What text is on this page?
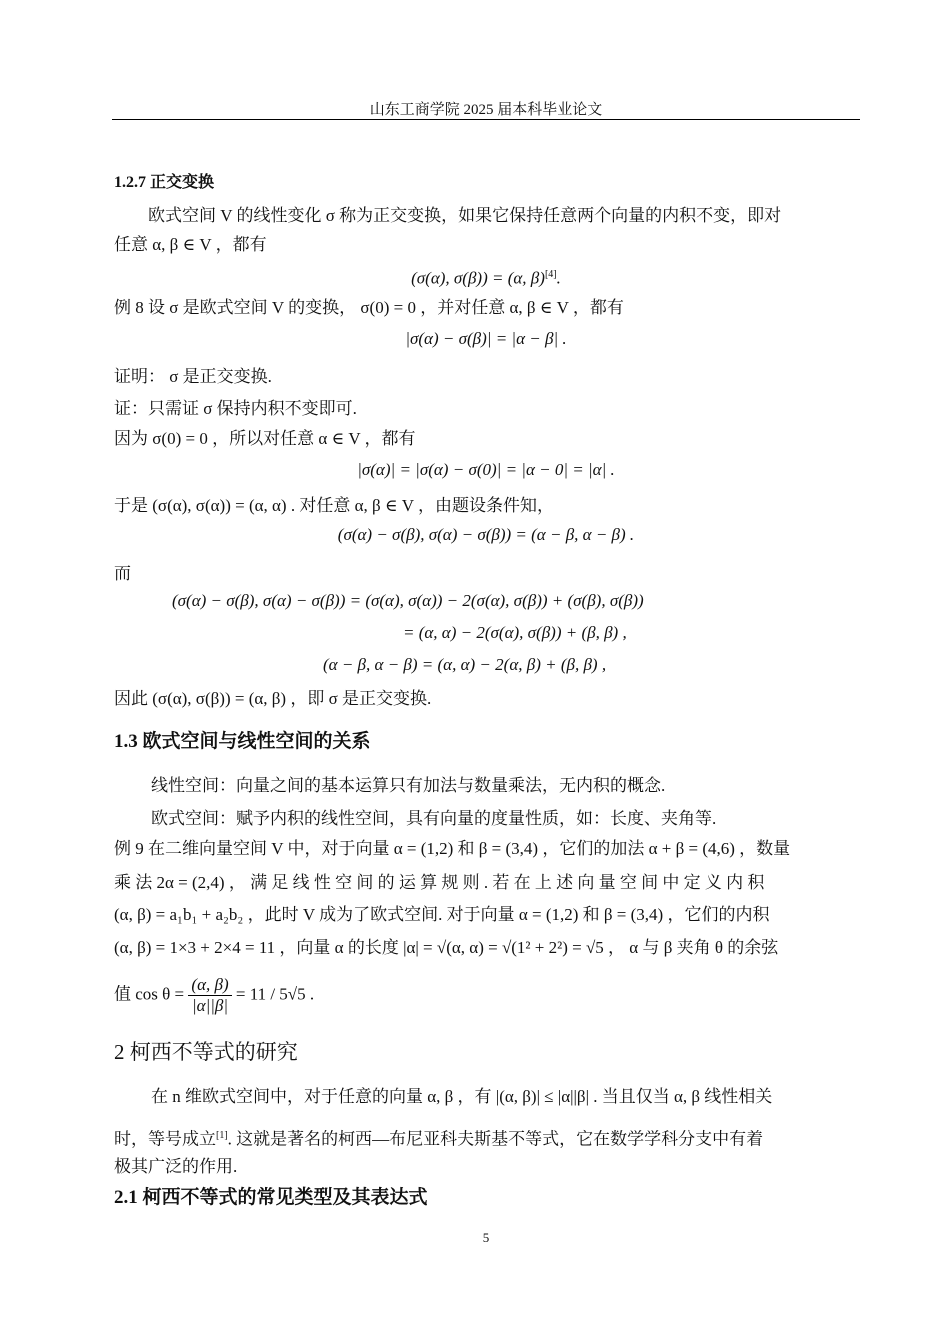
山东工商学院 2025 届本科毕业论文
1.2.7 正交变换
欧式空间 V 的线性变化 σ 称为正交变换，如果它保持任意两个向量的内积不变，即对
任意 α, β ∈ V ，都有
(σ(α), σ(β)) = (α, β)[4].
例 8 设 σ 是欧式空间 V 的变换， σ(0) = 0 ，并对任意 α, β ∈ V ，都有
|σ(α) − σ(β)| = |α − β| .
证明： σ 是正交变换.
证：只需证 σ 保持内积不变即可.
因为 σ(0) = 0 ，所以对任意 α ∈ V ，都有
|σ(α)| = |σ(α) − σ(0)| = |α − 0| = |α| .
于是 (σ(α), σ(α)) = (α, α) . 对任意 α, β ∈ V ，由题设条件知，
(σ(α) − σ(β), σ(α) − σ(β)) = (α − β, α − β) .
而
(σ(α) − σ(β), σ(α) − σ(β)) = (σ(α), σ(α)) − 2(σ(α), σ(β)) + (σ(β), σ(β))
= (α, α) − 2(σ(α), σ(β)) + (β, β) ,
(α − β, α − β) = (α, α) − 2(α, β) + (β, β) ,
因此 (σ(α), σ(β)) = (α, β) ，即 σ 是正交变换.
1.3 欧式空间与线性空间的关系
线性空间：向量之间的基本运算只有加法与数量乘法，无内积的概念.
欧式空间：赋予内积的线性空间，具有向量的度量性质，如：长度、夹角等.
例 9 在二维向量空间 V 中，对于向量 α = (1,2) 和 β = (3,4) ，它们的加法 α + β = (4,6) ，数量
乘 法 2α = (2,4) ， 满 足 线 性 空 间 的 运 算 规 则 . 若 在 上 述 向 量 空 间 中 定 义 内 积
(α, β) = a₁b₁ + a₂b₂ ，此时 V 成为了欧式空间. 对于向量 α = (1,2) 和 β = (3,4) ，它们的内积
(α, β) = 1×3 + 2×4 = 11 ，向量 α 的长度 |α| = √(α, α) = √(1² + 2²) = √5 ， α 与 β 夹角 θ 的余弦
值 $\cos \theta = \frac{(\alpha, \beta)}{|\alpha||\beta|} = 11 / 5√5$ .
2 柯西不等式的研究
在 n 维欧式空间中，对于任意的向量 α, β ，有 |(α, β)| ≤ |α||β| . 当且仅当 α, β 线性相关
时，等号成立[1]. 这就是著名的柯西—布尼亚科夫斯基不等式，它在数学学科分支中有着
极其广泛的作用.
2.1 柯西不等式的常见类型及其表达式
5
